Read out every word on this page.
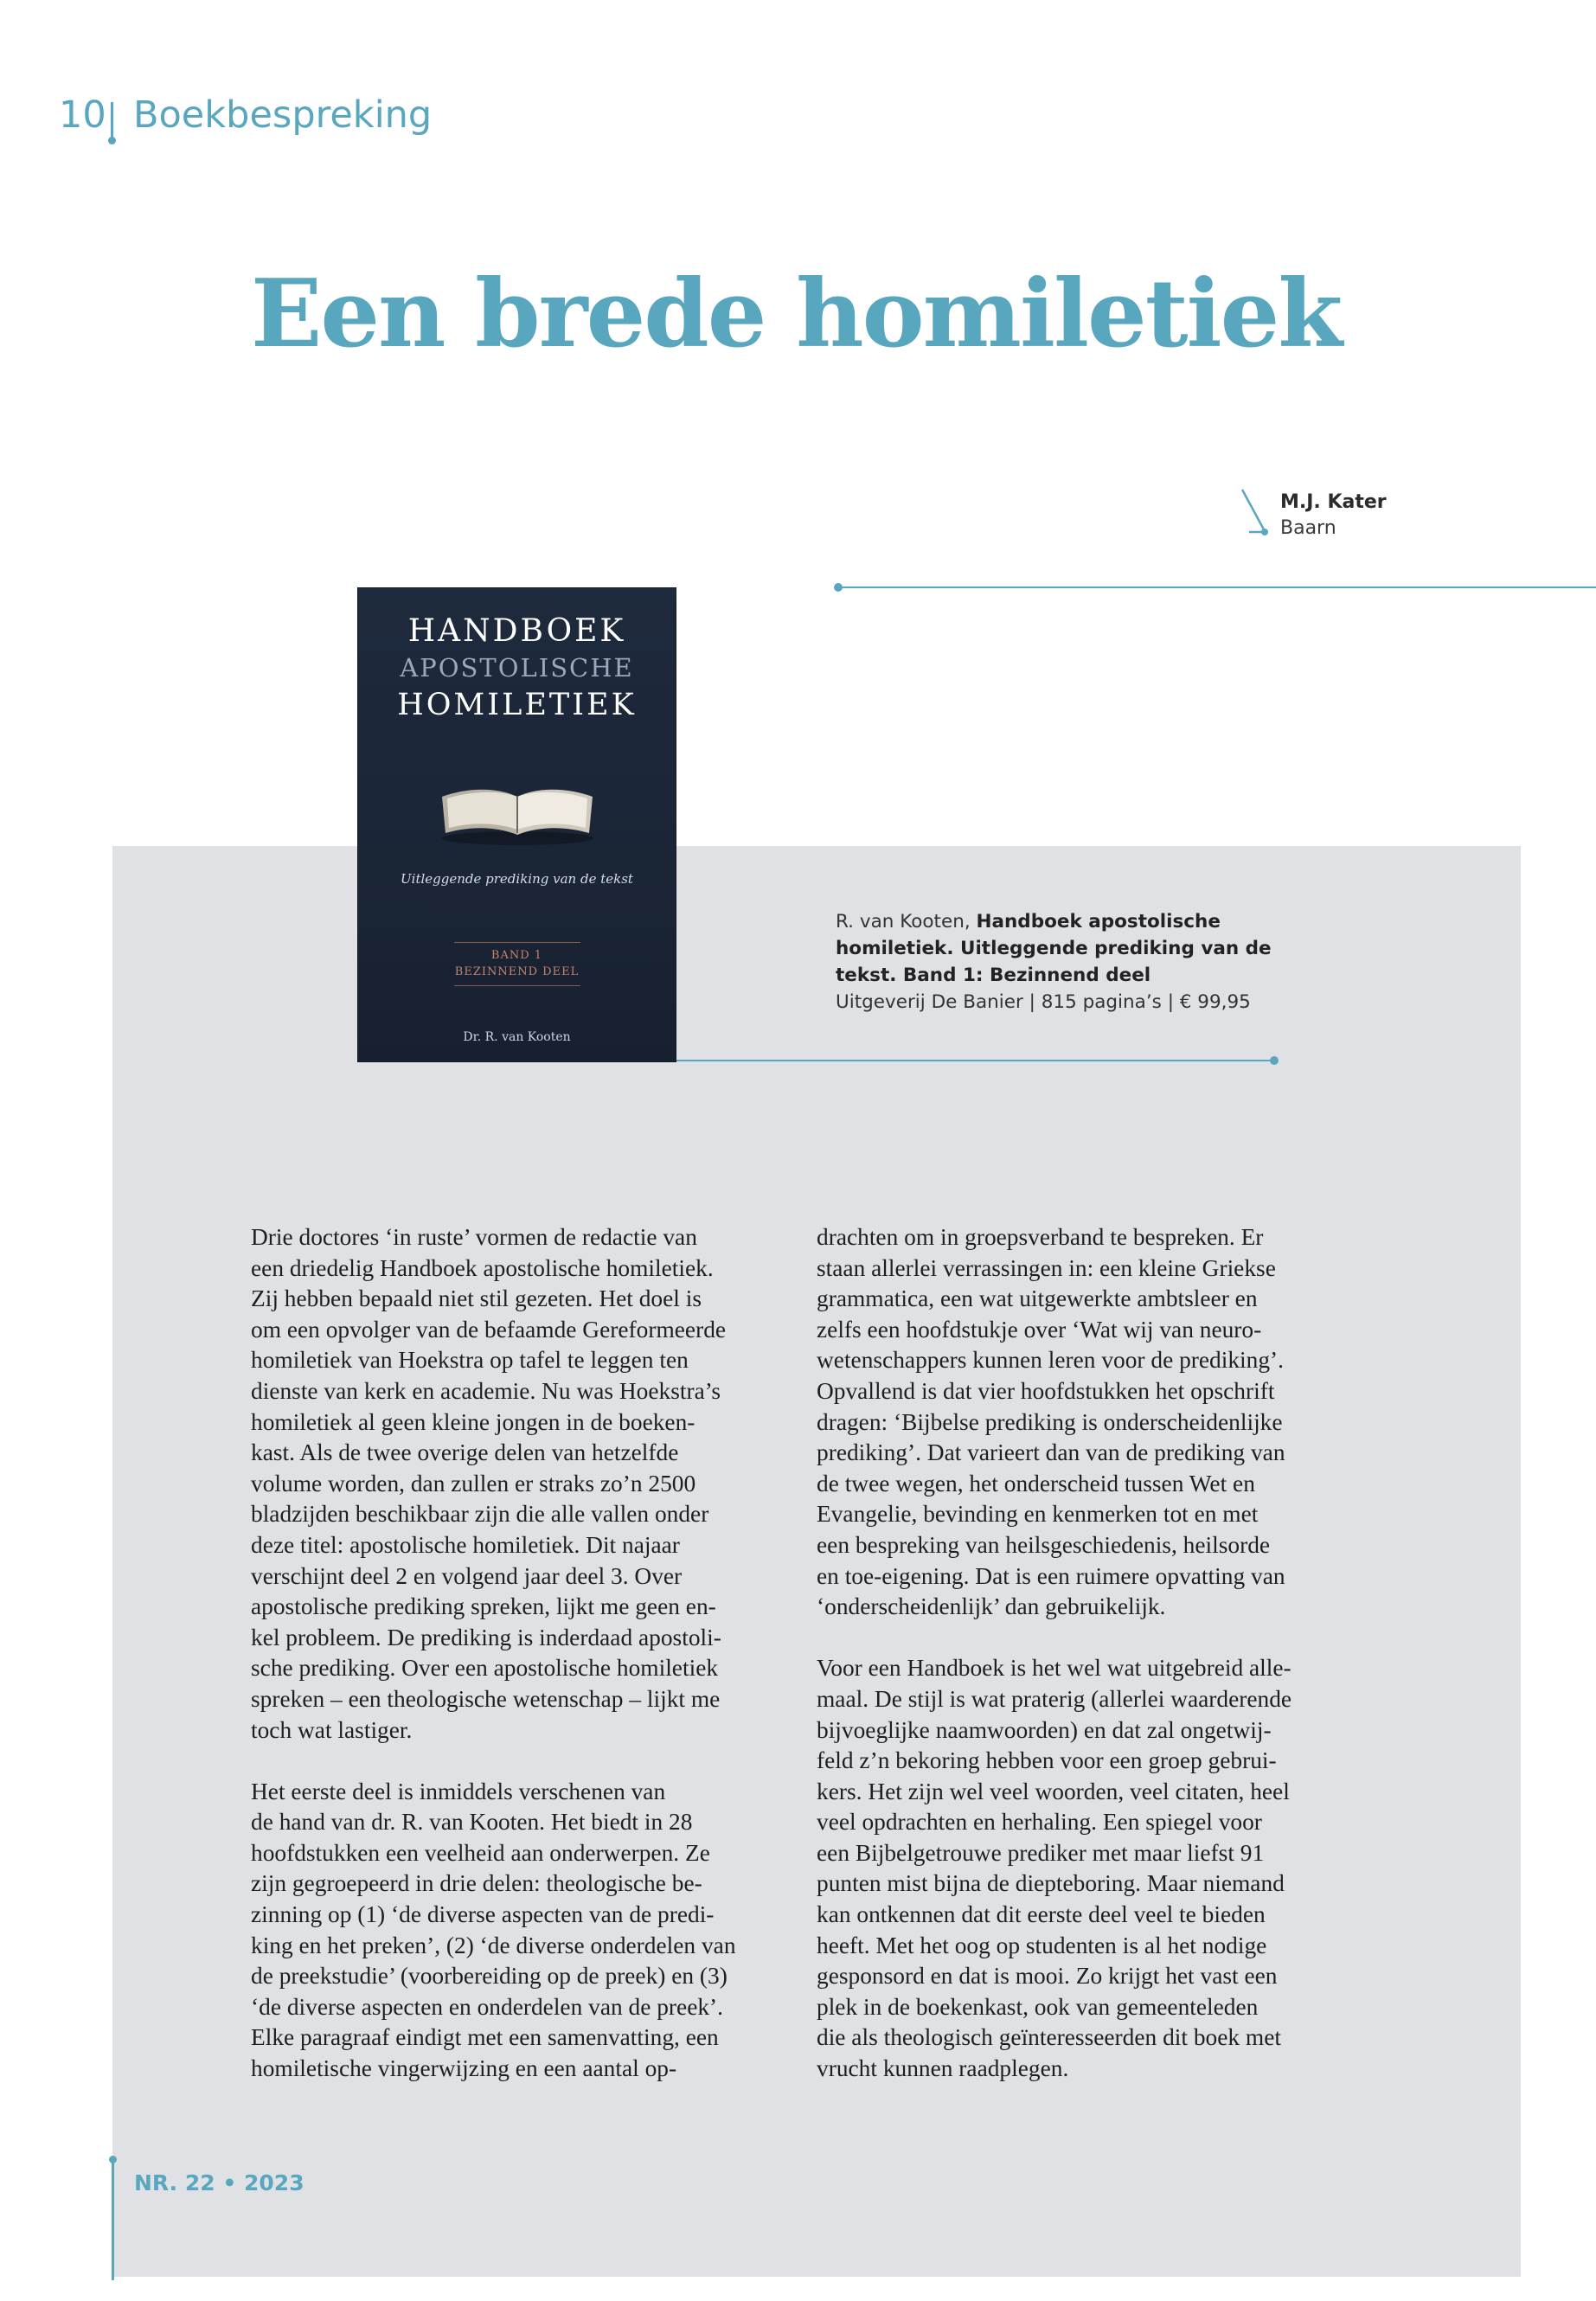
10 Boekbespreking
Een brede homiletiek
M.J. Kater
Baarn
HANDBOEK
APOSTOLISCHE
HOMILETIEK
Uitleggende prediking van de tekst
BAND 1
BEZINNEND DEEL
Dr. R. van Kooten
R. van Kooten, Handboek apostolische homiletiek. Uitleggende prediking van de tekst. Band 1: Bezinnend deel
Uitgeverij De Banier | 815 pagina’s | € 99,95
Drie doctores ‘in ruste’ vormen de redactie van
een driedelig Handboek apostolische homiletiek.
Zij hebben bepaald niet stil gezeten. Het doel is
om een opvolger van de befaamde Gereformeerde
homiletiek van Hoekstra op tafel te leggen ten
dienste van kerk en academie. Nu was Hoekstra’s
homiletiek al geen kleine jongen in de boeken-
kast. Als de twee overige delen van hetzelfde
volume worden, dan zullen er straks zo’n 2500
bladzijden beschikbaar zijn die alle vallen onder
deze titel: apostolische homiletiek. Dit najaar
verschijnt deel 2 en volgend jaar deel 3. Over
apostolische prediking spreken, lijkt me geen en-
kel probleem. De prediking is inderdaad apostoli-
sche prediking. Over een apostolische homiletiek
spreken – een theologische wetenschap – lijkt me
toch wat lastiger.
Het eerste deel is inmiddels verschenen van
de hand van dr. R. van Kooten. Het biedt in 28
hoofdstukken een veelheid aan onderwerpen. Ze
zijn gegroepeerd in drie delen: theologische be-
zinning op (1) ‘de diverse aspecten van de predi-
king en het preken’, (2) ‘de diverse onderdelen van
de preekstudie’ (voorbereiding op de preek) en (3)
‘de diverse aspecten en onderdelen van de preek’.
Elke paragraaf eindigt met een samenvatting, een
homiletische vingerwijzing en een aantal op-
drachten om in groepsverband te bespreken. Er
staan allerlei verrassingen in: een kleine Griekse
grammatica, een wat uitgewerkte ambtsleer en
zelfs een hoofdstukje over ‘Wat wij van neuro-
wetenschappers kunnen leren voor de prediking’.
Opvallend is dat vier hoofdstukken het opschrift
dragen: ‘Bijbelse prediking is onderscheidenlijke
prediking’. Dat varieert dan van de prediking van
de twee wegen, het onderscheid tussen Wet en
Evangelie, bevinding en kenmerken tot en met
een bespreking van heilsgeschiedenis, heilsorde
en toe-eigening. Dat is een ruimere opvatting van
‘onderscheidenlijk’ dan gebruikelijk.
Voor een Handboek is het wel wat uitgebreid alle-
maal. De stijl is wat praterig (allerlei waarderende
bijvoeglijke naamwoorden) en dat zal ongetwij-
feld z’n bekoring hebben voor een groep gebrui-
kers. Het zijn wel veel woorden, veel citaten, heel
veel opdrachten en herhaling. Een spiegel voor
een Bijbelgetrouwe prediker met maar liefst 91
punten mist bijna de diepteboring. Maar niemand
kan ontkennen dat dit eerste deel veel te bieden
heeft. Met het oog op studenten is al het nodige
gesponsord en dat is mooi. Zo krijgt het vast een
plek in de boekenkast, ook van gemeenteleden
die als theologisch geïnteresseerden dit boek met
vrucht kunnen raadplegen.
NR. 22 • 2023
